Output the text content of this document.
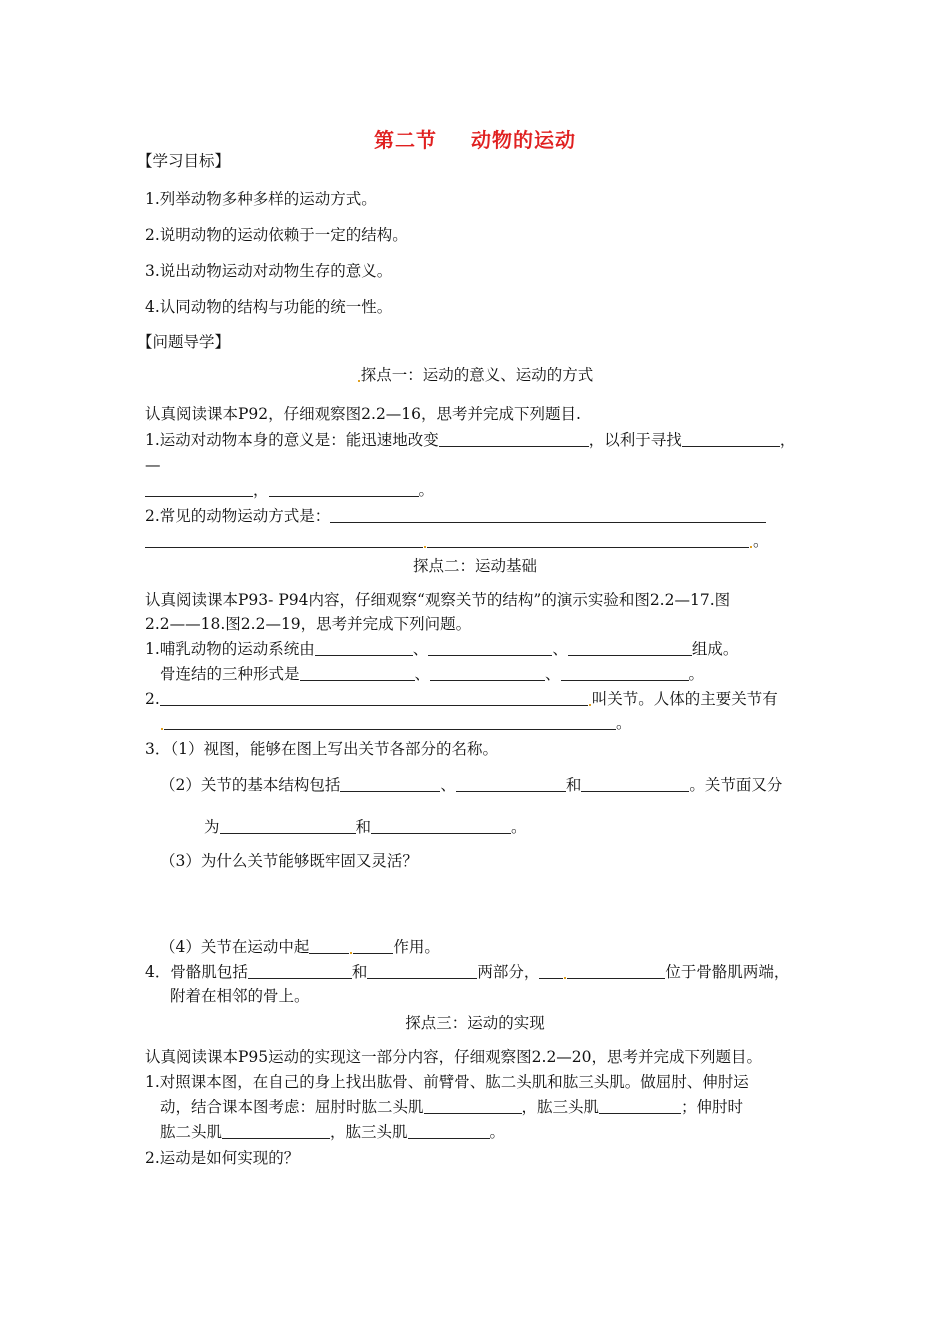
第二节 动物的运动
【学习目标】
1.列举动物多种多样的运动方式。
2.说明动物的运动依赖于一定的结构。
3.说出动物运动对动物生存的意义。
4.认同动物的结构与功能的统一性。
【问题导学】
探点一：运动的意义、运动的方式
认真阅读课本P92，仔细观察图2.2—16，思考并完成下列题目.
1.运动对动物本身的意义是：能迅速地改变	，以利于寻找	，
—
，	。
2.常见的动物运动方式是：
。
探点二：运动基础
认真阅读课本P93- P94内容，仔细观察“观察关节的结构”的演示实验和图2.2—17.图
2.2——18.图2.2—19，思考并完成下列问题。
1.哺乳动物的运动系统由	、	、	组成。
骨连结的三种形式是	、	、	。
2.	叫关节。人体的主要关节有
。
3．（1）视图，能够在图上写出关节各部分的名称。
（2）关节的基本结构包括	、	和	。关节面又分
为	和	。
（3）为什么关节能够既牢固又灵活？
（4）关节在运动中起	作用。
4．骨骼肌包括	和	两部分，	位于骨骼肌两端，
附着在相邻的骨上。
探点三：运动的实现
认真阅读课本P95运动的实现这一部分内容，仔细观察图2.2—20，思考并完成下列题目。
1.对照课本图，在自己的身上找出肱骨、前臂骨、肱二头肌和肱三头肌。做屈肘、伸肘运
动，结合课本图考虑：屈肘时肱二头肌	，肱三头肌	；伸肘时
肱二头肌	，肱三头肌	。
2.运动是如何实现的？
